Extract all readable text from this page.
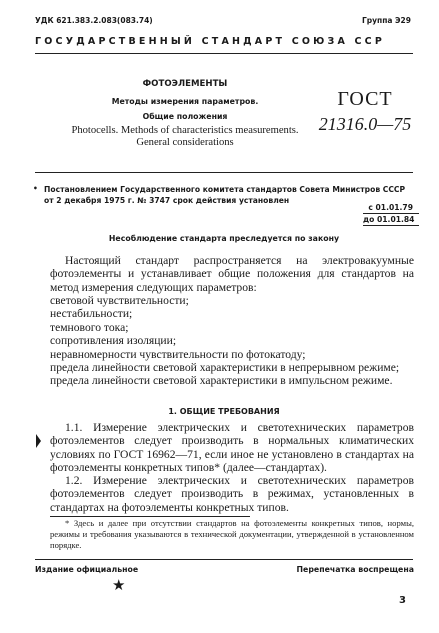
УДК 621.383.2.083(083.74)	Группа Э29
ГОСУДАРСТВЕННЫЙ СТАНДАРТ СОЮЗА ССР
ФОТОЭЛЕМЕНТЫ
Методы измерения параметров.
Общие положения
Photocells. Methods of characteristics measurements.
General considerations
ГОСТ
21316.0—75
• Постановлением Государственного комитета стандартов Совета Министров СССР
от 2 декабря 1975 г. № 3747 срок действия установлен
с 01.01.79
до 01.01.84
Несоблюдение стандарта преследуется по закону
Настоящий стандарт распространяется на электровакуумные фотоэлементы и устанавливает общие положения для стандартов на метод измерения следующих параметров:
световой чувствительности;
нестабильности;
темнового тока;
сопротивления изоляции;
неравномерности чувствительности по фотокатоду;
предела линейности световой характеристики в непрерывном режиме;
предела линейности световой характеристики в импульсном режиме.
1. ОБЩИЕ ТРЕБОВАНИЯ
1.1. Измерение электрических и светотехнических параметров фотоэлементов следует производить в нормальных климатических условиях по ГОСТ 16962—71, если иное не установлено в стандартах на фотоэлементы конкретных типов* (далее—стандартах).
1.2. Измерение электрических и светотехнических параметров фотоэлементов следует производить в режимах, установленных в стандартах на фотоэлементы конкретных типов.
* Здесь и далее при отсутствии стандартов на фотоэлементы конкретных типов, нормы, режимы и требования указываются в технической документации, утвержденной в установленном порядке.
Издание официальное	Перепечатка воспрещена
★
3
